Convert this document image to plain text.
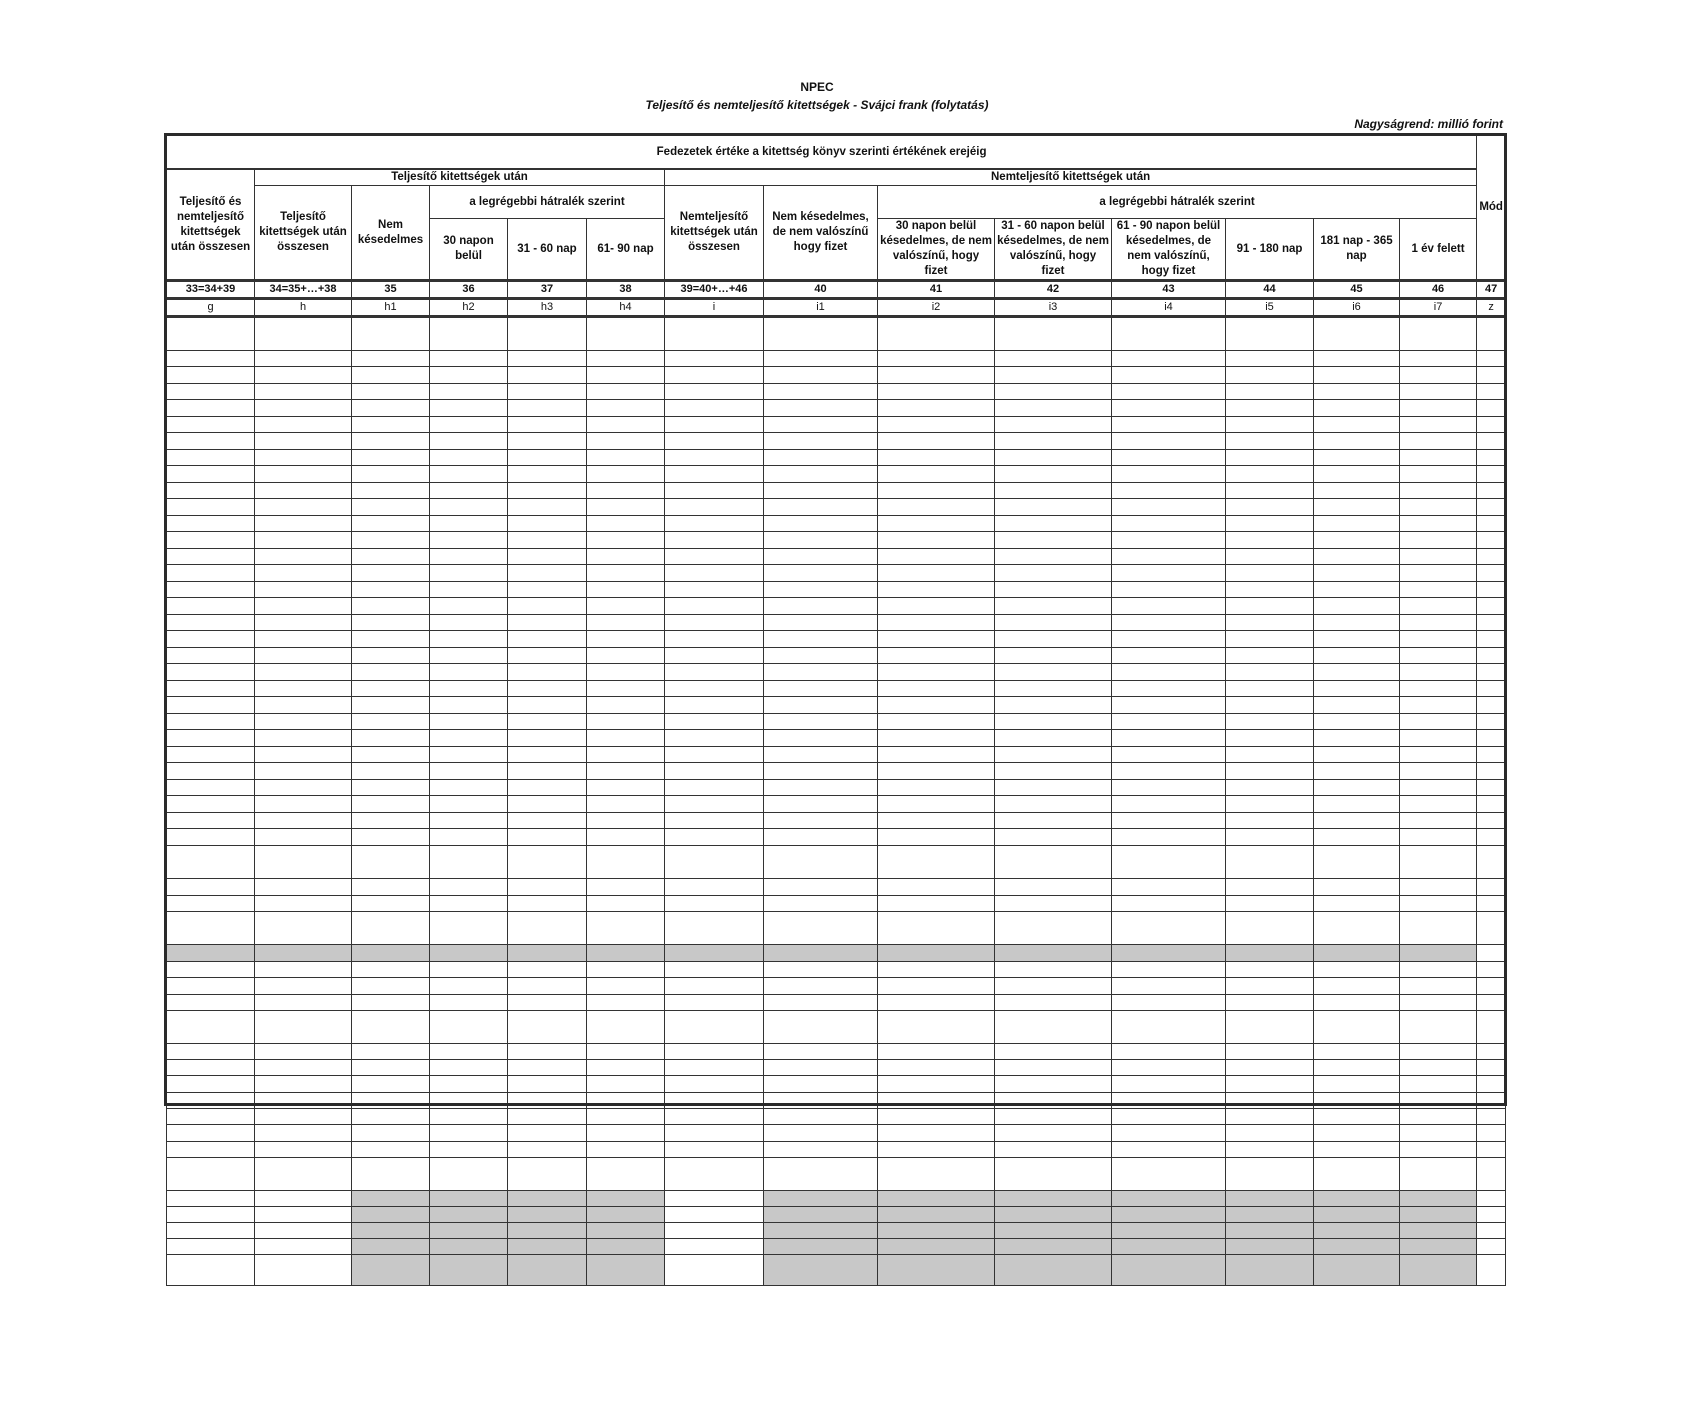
NPEC
Teljesítő és nemteljesítő kitettségek - Svájci frank (folytatás)
Nagyságrend: millió forint
Fedezetek értéke a kitettség könyv szerinti értékének erejéig														Mód
Teljesítő és nemteljesítő kitettségek után összesen	Teljesítő kitettségek után					Nemteljesítő kitettségek után								
	Teljesítő kitettségek után összesen	Nem késedelmes	a legrégebbi hátralék szerint			Nemteljesítő kitettségek után összesen	Nem késedelmes, de nem valószínű hogy fizet	a legrégebbi hátralék szerint						
			30 napon belül	31 - 60 nap	61- 90 nap			30 napon belül késedelmes, de nem valószínű, hogy fizet	31 - 60 napon belül késedelmes, de nem valószínű, hogy fizet	61 - 90 napon belül késedelmes, de nem valószínű, hogy fizet	91 - 180 nap	181 nap - 365 nap	1 év felett	
33=34+39	34=35+…+38	35	36	37	38	39=40+…+46	40	41	42	43	44	45	46	47
g	h	h1	h2	h3	h4	i	i1	i2	i3	i4	i5	i6	i7	z
